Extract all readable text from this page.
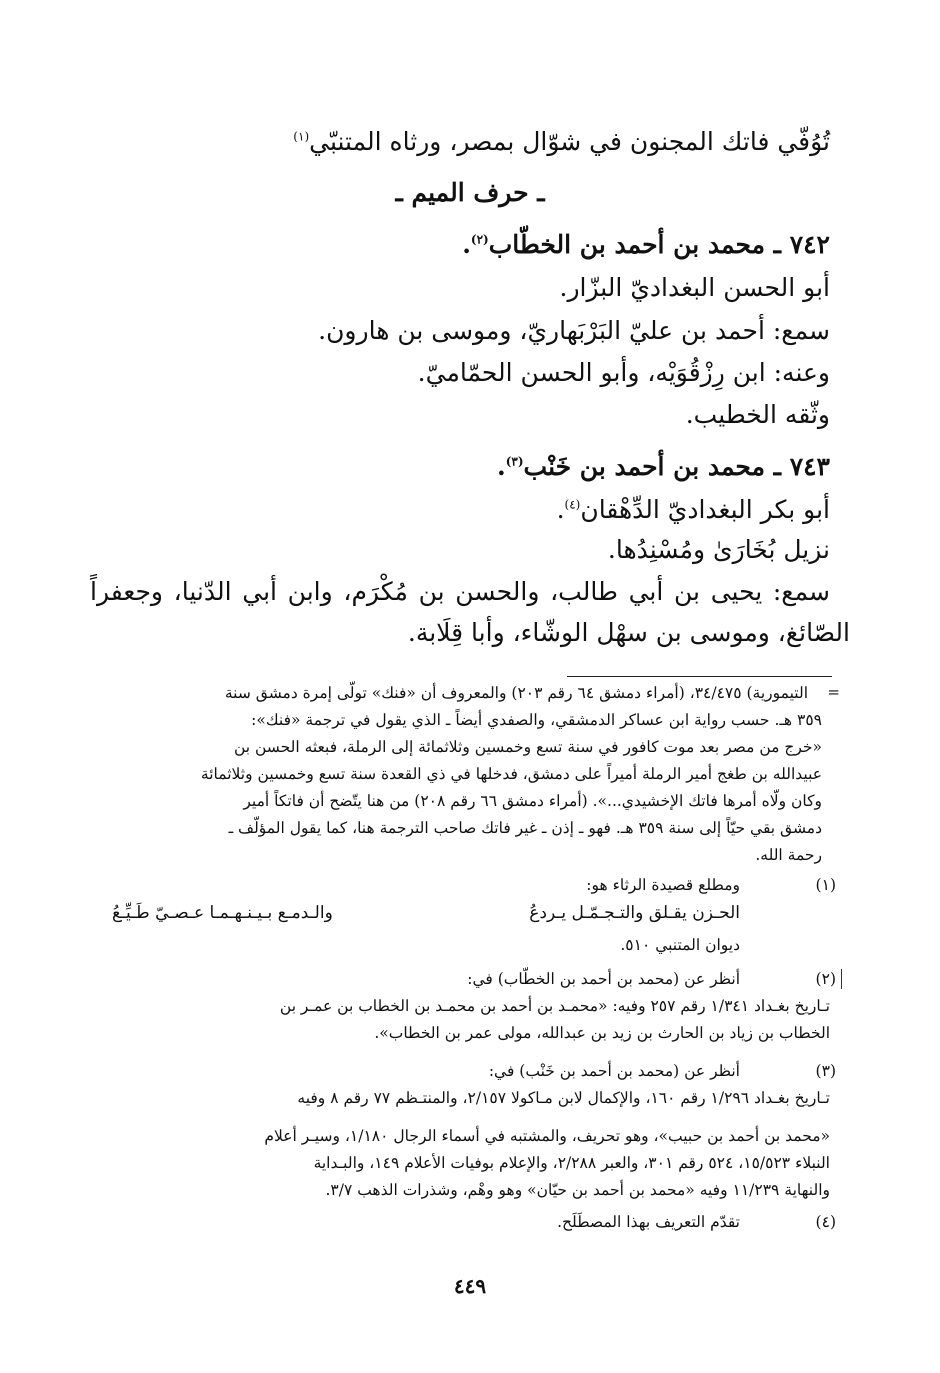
تُوُفّي فاتك المجنون في شوّال بمصر، ورثاه المتنبّي$^{(١)}$
ـ حرف الميم ـ
٧٤٢ ـ محمد بن أحمد بن الخطّاب$^{(٢)}$.
أبو الحسن البغداديّ البزّار.
سمع: أحمد بن عليّ البَرْبَهاريّ، وموسى بن هارون.
وعنه: ابن رِزْقُوَيْه، وأبو الحسن الحمّاميّ.
وثّقه الخطيب.
٧٤٣ ـ محمد بن أحمد بن خَنْب$^{(٣)}$.
أبو بكر البغداديّ الدِّهْقان$^{(٤)}$.
نزيل بُخَارَىٰ ومُسْنِدُها.
سمع: يحيى بن أبي طالب، والحسن بن مُكْرَم، وابن أبي الدّنيا، وجعفراً
الصّائغ، وموسى بن سهْل الوشّاء، وأبا قِلَابة.
=
التيمورية) ٣٤/٤٧٥، (أمراء دمشق ٦٤ رقم ٢٠٣) والمعروف أن «فنك» تولّى إمرة دمشق سنة
٣٥٩ هـ. حسب رواية ابن عساكر الدمشقي، والصفدي أيضاً ـ الذي يقول في ترجمة «فنك»:
«خرج من مصر بعد موت كافور في سنة تسع وخمسين وثلاثمائة إلى الرملة، فبعثه الحسن بن
عبيدالله بن طغج أمير الرملة أميراً على دمشق، فدخلها في ذي القعدة سنة تسع وخمسين وثلاثمائة
وكان ولّاه أمرها فاتك الإخشيدي...». (أمراء دمشق ٦٦ رقم ٢٠٨) من هنا يتّضح أن فاتكاً أمير
دمشق بقي حيّاً إلى سنة ٣٥٩ هـ. فهو ـ إذن ـ غير فاتك صاحب الترجمة هنا، كما يقول المؤلّف ـ
رحمة الله.
(١)
ومطلع قصيدة الرثاء هو:
الحـزن يقـلق والتـجـمّـل يـردعُ
والـدمـع بـيـنـهـمـا عـصـيّ طَـيِّـعُ
ديوان المتنبي ٥١٠.
(٢)
أنظر عن (محمد بن أحمد بن الخطّاب) في:
تـاريخ بغـداد ١/٣٤١ رقم ٢٥٧ وفيه: «محمـد بن أحمد بن محمـد بن الخطاب بن عمـر بن
الخطاب بن زياد بن الحارث بن زيد بن عبدالله، مولى عمر بن الخطاب».
(٣)
أنظر عن (محمد بن أحمد بن خَنْب) في:
تـاريخ بغـداد ١/٢٩٦ رقم ١٦٠، والإكمال لابن مـاكولا ٢/١٥٧، والمنتـظم ٧٧ رقم ٨ وفيه
«محمد بن أحمد بن حبيب»، وهو تحريف، والمشتبه في أسماء الرجال ١/١٨٠، وسيـر أعلام
النبلاء ١٥/٥٢٣، ٥٢٤ رقم ٣٠١، والعبر ٢/٢٨٨، والإعلام بوفيات الأعلام ١٤٩، والبـداية
والنهاية ١١/٢٣٩ وفيه «محمد بن أحمد بن حيّان» وهو وهْم، وشذرات الذهب ٣/٧.
(٤)
تقدّم التعريف بهذا المصطَلَح.
٤٤٩
